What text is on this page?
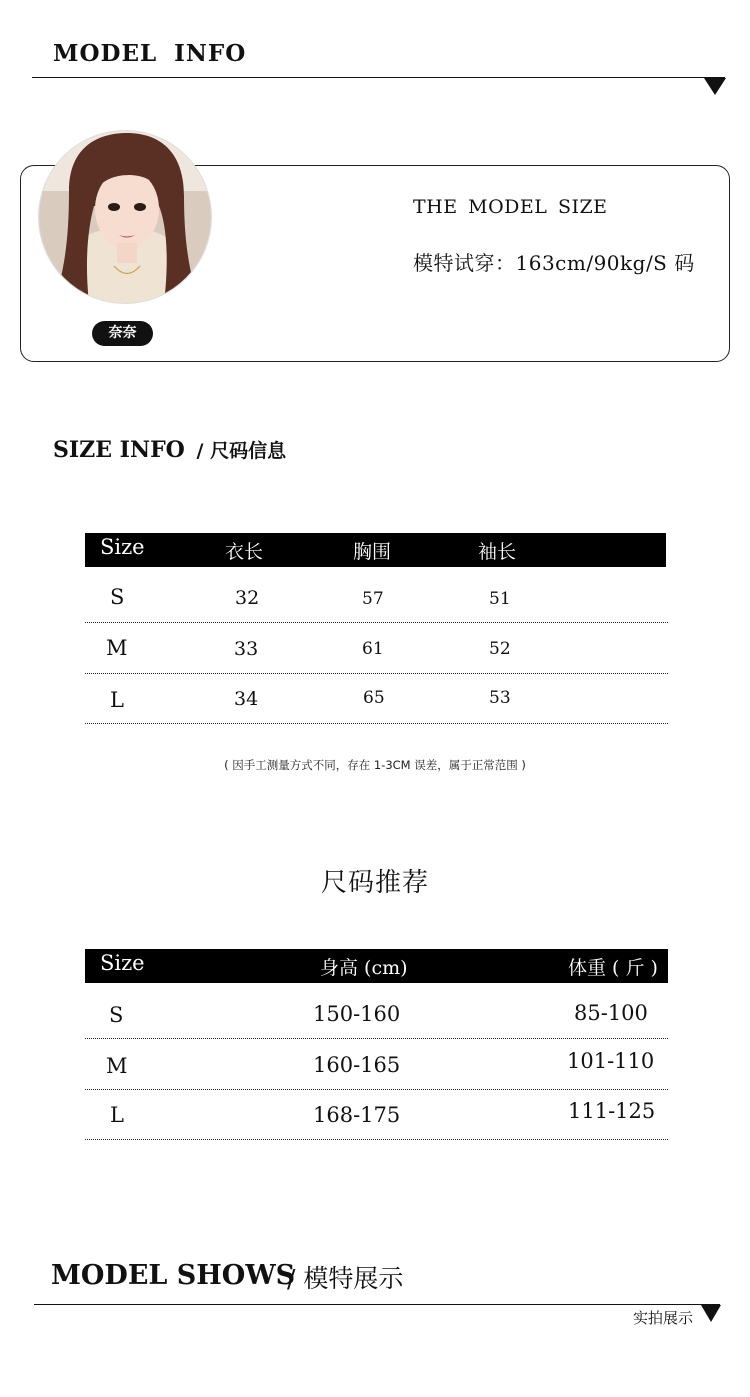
MODEL INFO
奈奈
THE MODEL SIZE
模特试穿：163cm/90kg/S 码
SIZE INFO / 尺码信息
Size	衣长	胸围	袖长
S	32	57	51
M	33	61	52
L	34	65	53
( 因手工测量方式不同，存在 1-3CM 误差，属于正常范围 )
尺码推荐
Size	身高 (cm)	体重 ( 斤 )
S	150-160	85-100
M	160-165	101-110
L	168-175	111-125
MODEL SHOWS
/ 模特展示
实拍展示
